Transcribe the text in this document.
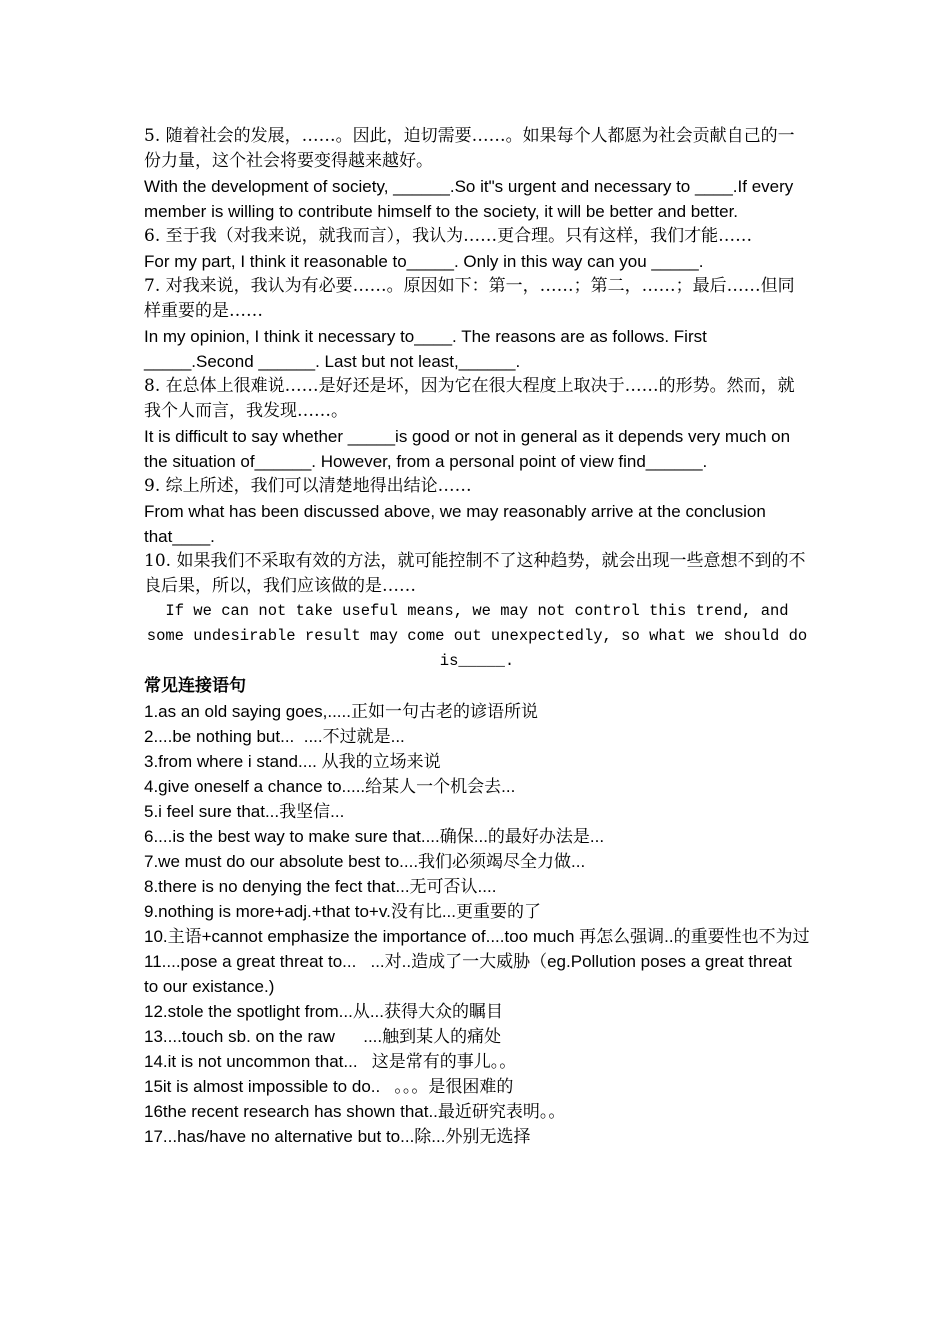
5. 随着社会的发展，……。因此，迫切需要……。如果每个人都愿为社会贡献自己的一份力量，这个社会将要变得越来越好。

With the development of society, ______.So it"s urgent and necessary to ____.If every member is willing to contribute himself to the society, it will be better and better.

6. 至于我（对我来说，就我而言），我认为……更合理。只有这样，我们才能……

For my part, I think it reasonable to_____. Only in this way can you _____.

7. 对我来说，我认为有必要……。原因如下：第一，……；第二，……；最后……但同样重要的是……

In my opinion, I think it necessary to____. The reasons are as follows. First _____.Second ______. Last but not least,______.

8. 在总体上很难说……是好还是坏，因为它在很大程度上取决于……的形势。然而，就我个人而言，我发现……。

It is difficult to say whether _____is good or not in general as it depends very much on the situation of______. However, from a personal point of view find______.

9. 综上所述，我们可以清楚地得出结论……

From what has been discussed above, we may reasonably arrive at the conclusion that____.

10. 如果我们不采取有效的方法，就可能控制不了这种趋势，就会出现一些意想不到的不良后果，所以，我们应该做的是……

If we can not take useful means, we may not control this trend, and some undesirable result may come out unexpectedly, so what we should do is_____.

常见连接语句

1.as an old saying goes,.....正如一句古老的谚语所说

2....be nothing but...  ....不过就是...

3.from where i stand.... 从我的立场来说

4.give oneself a chance to.....给某人一个机会去...

5.i feel sure that...我坚信...

6....is the best way to make sure that....确保...的最好办法是...

7.we must do our absolute best to....我们必须竭尽全力做...

8.there is no denying the fect that...无可否认....

9.nothing is more+adj.+that to+v.没有比...更重要的了

10.主语+cannot emphasize the importance of....too much 再怎么强调..的重要性也不为过

11....pose a great threat to...   ...对..造成了一大威胁（eg.Pollution poses a great threat to our existance.)

12.stole the spotlight from...从...获得大众的瞩目

13....touch sb. on the raw      ....触到某人的痛处

14.it is not uncommon that...   这是常有的事儿。。

15it is almost impossible to do..   。。。是很困难的

16the recent research has shown that..最近研究表明。。

17...has/have no alternative but to...除...外别无选择
